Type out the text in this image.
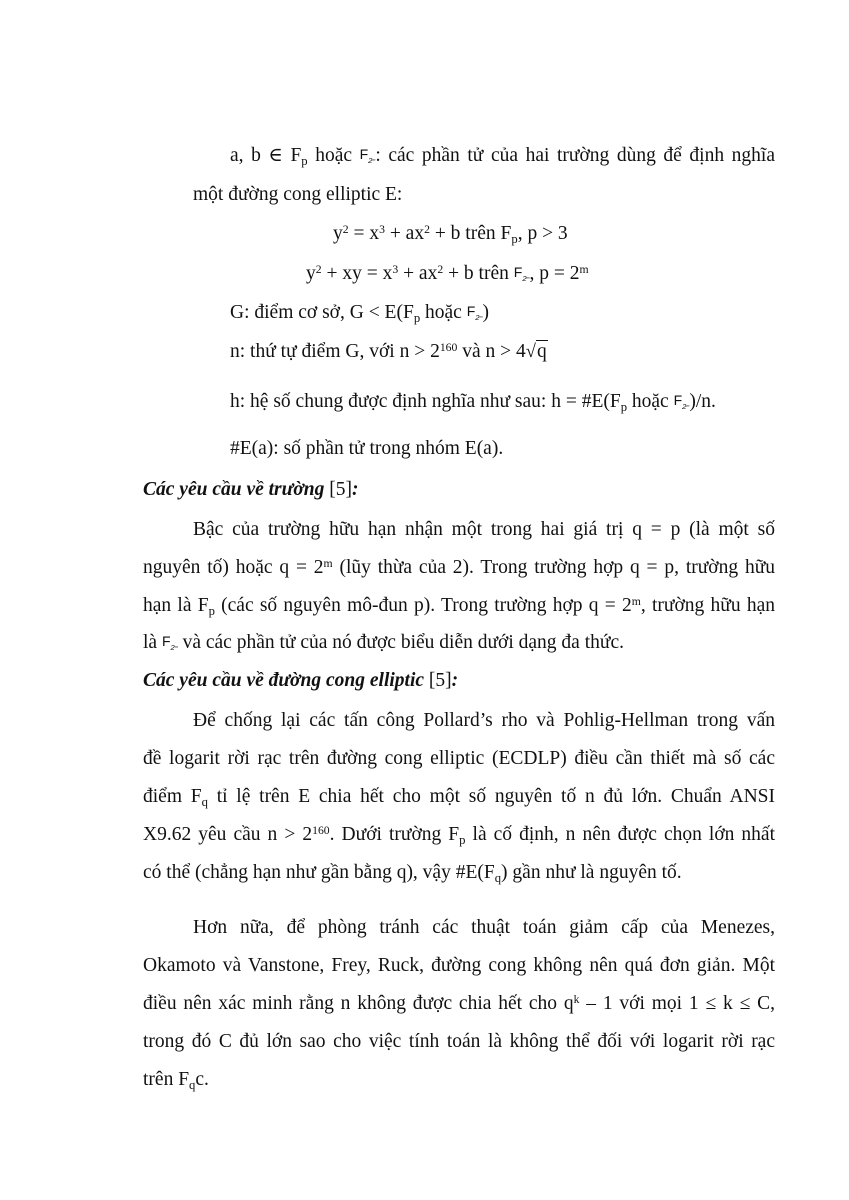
a, b ∈ $F_p$ hoặc $F_{2^m}$: các phần tử của hai trường dùng để định nghĩa
một đường cong elliptic E:
$y^2 = x^3 + ax^2 + b$ trên $F_p$, p > 3
$y^2$ + xy = $x^3 + ax^2 + b$ trên $F_{2^m}$, $p = 2^m$
G: điểm cơ sở, $G < E(F_p$ hoặc $F_{2^m}$)
n: thứ tự điểm G, với $n > 2^{160}$ và n > 4√q
h: hệ số chung được định nghĩa như sau: $h = \#E(F_p$ hoặc $F_{2^m})/n$.
#E(a): số phần tử trong nhóm E(a).
Các yêu cầu về trường [5]:
Bậc của trường hữu hạn nhận một trong hai giá trị q = p (là một số
nguyên tố) hoặc $q = 2^m$ (lũy thừa của 2). Trong trường hợp q = p, trường hữu
hạn là $F_p$ (các số nguyên mô-đun p). Trong trường hợp $q = 2^m$, trường hữu hạn
là $F_{2^m}$ và các phần tử của nó được biểu diễn dưới dạng đa thức.
Các yêu cầu về đường cong elliptic [5]:
Để chống lại các tấn công Pollard’s rho và Pohlig-Hellman trong vấn
đề logarit rời rạc trên đường cong elliptic (ECDLP) điều cần thiết mà số các
điểm $F_q$ tỉ lệ trên E chia hết cho một số nguyên tố n đủ lớn. Chuẩn ANSI
X9.62 yêu cầu $n > 2^{160}$. Dưới trường $F_p$ là cố định, n nên được chọn lớn nhất
có thể (chẳng hạn như gần bằng q), vậy $\#E(F_q)$ gần như là nguyên tố.
Hơn nữa, để phòng tránh các thuật toán giảm cấp của Menezes,
Okamoto và Vanstone, Frey, Ruck, đường cong không nên quá đơn giản. Một
điều nên xác minh rằng n không được chia hết cho $q^k - 1$ với mọi 1 ≤ k ≤ C,
trong đó C đủ lớn sao cho việc tính toán là không thể đối với logarit rời rạc
trên $F_qc$.
